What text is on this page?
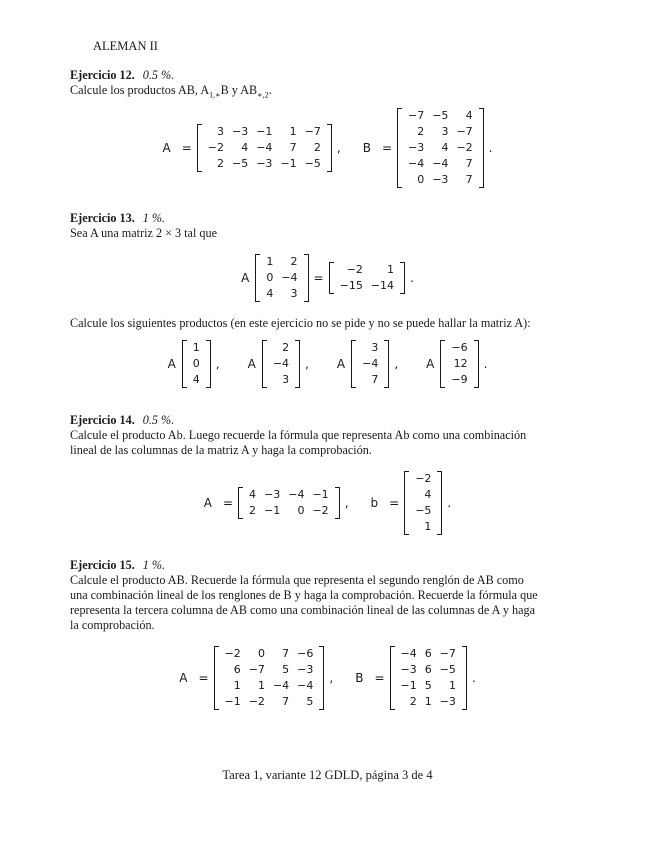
ALEMAN II

Ejercicio 12. 0.5 %.

Calcule los productos AB, $A_{1,∗}B$ y $AB_{∗,2}$.

A =
3	−3	−1	1	−7
−2	4	−4	7	2
2	−5	−3	−1	−5
, B =
−7	−5	4
2	3	−7
−3	4	−2
−4	−4	7
0	−3	7
.

Ejercicio 13. 1 %.

Sea A una matriz 2 × 3 tal que

A
1	2
0	−4
4	3
=
−2	1
−15	−14
.

Calcule los siguientes productos (en este ejercicio no se pide y no se puede hallar la matriz A):

A
1
0
4
, A
2
−4
3
, A
3
−4
7
, A
−6
12
−9
.

Ejercicio 14. 0.5 %.

Calcule el producto Ab. Luego recuerde la fórmula que representa Ab como una combinación

lineal de las columnas de la matriz A y haga la comprobación.

A =
4	−3	−4	−1
2	−1	0	−2
, b =
−2
4
−5
1
.

Ejercicio 15. 1 %.

Calcule el producto AB. Recuerde la fórmula que representa el segundo renglón de AB como

una combinación lineal de los renglones de B y haga la comprobación. Recuerde la fórmula que

representa la tercera columna de AB como una combinación lineal de las columnas de A y haga

la comprobación.

A =
−2	0	7	−6
6	−7	5	−3
1	1	−4	−4
−1	−2	7	5
, B =
−4	6	−7
−3	6	−5
−1	5	1
2	1	−3
.
Tarea 1, variante 12 GDLD, página 3 de 4
